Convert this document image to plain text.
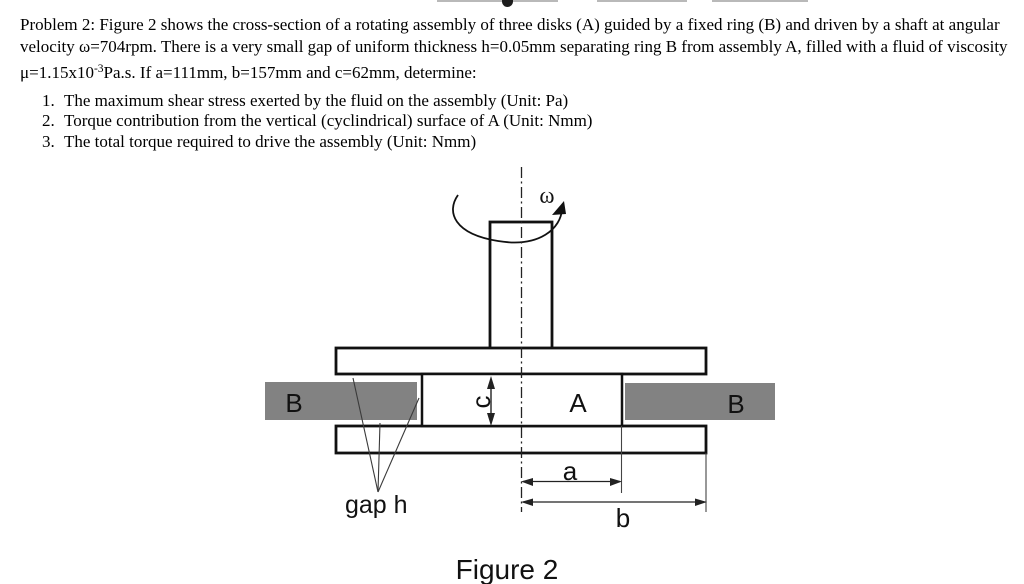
Problem 2: Figure 2 shows the cross-section of a rotating assembly of three disks (A) guided by a fixed ring (B) and driven by a shaft at angular
velocity ω=704rpm. There is a very small gap of uniform thickness h=0.05mm separating ring B from assembly A, filled with a fluid of viscosity
$\mu=1.15x10^{-3}Pa.s$. If a=111mm, b=157mm and c=62mm, determine:
1. The maximum shear stress exerted by the fluid on the assembly (Unit: Pa)
2. Torque contribution from the vertical (cyclindrical) surface of A (Unit: Nmm)
3. The total torque required to drive the assembly (Unit: Nmm)
ω
B	B
A
c
a
b
gap h
Figure 2
